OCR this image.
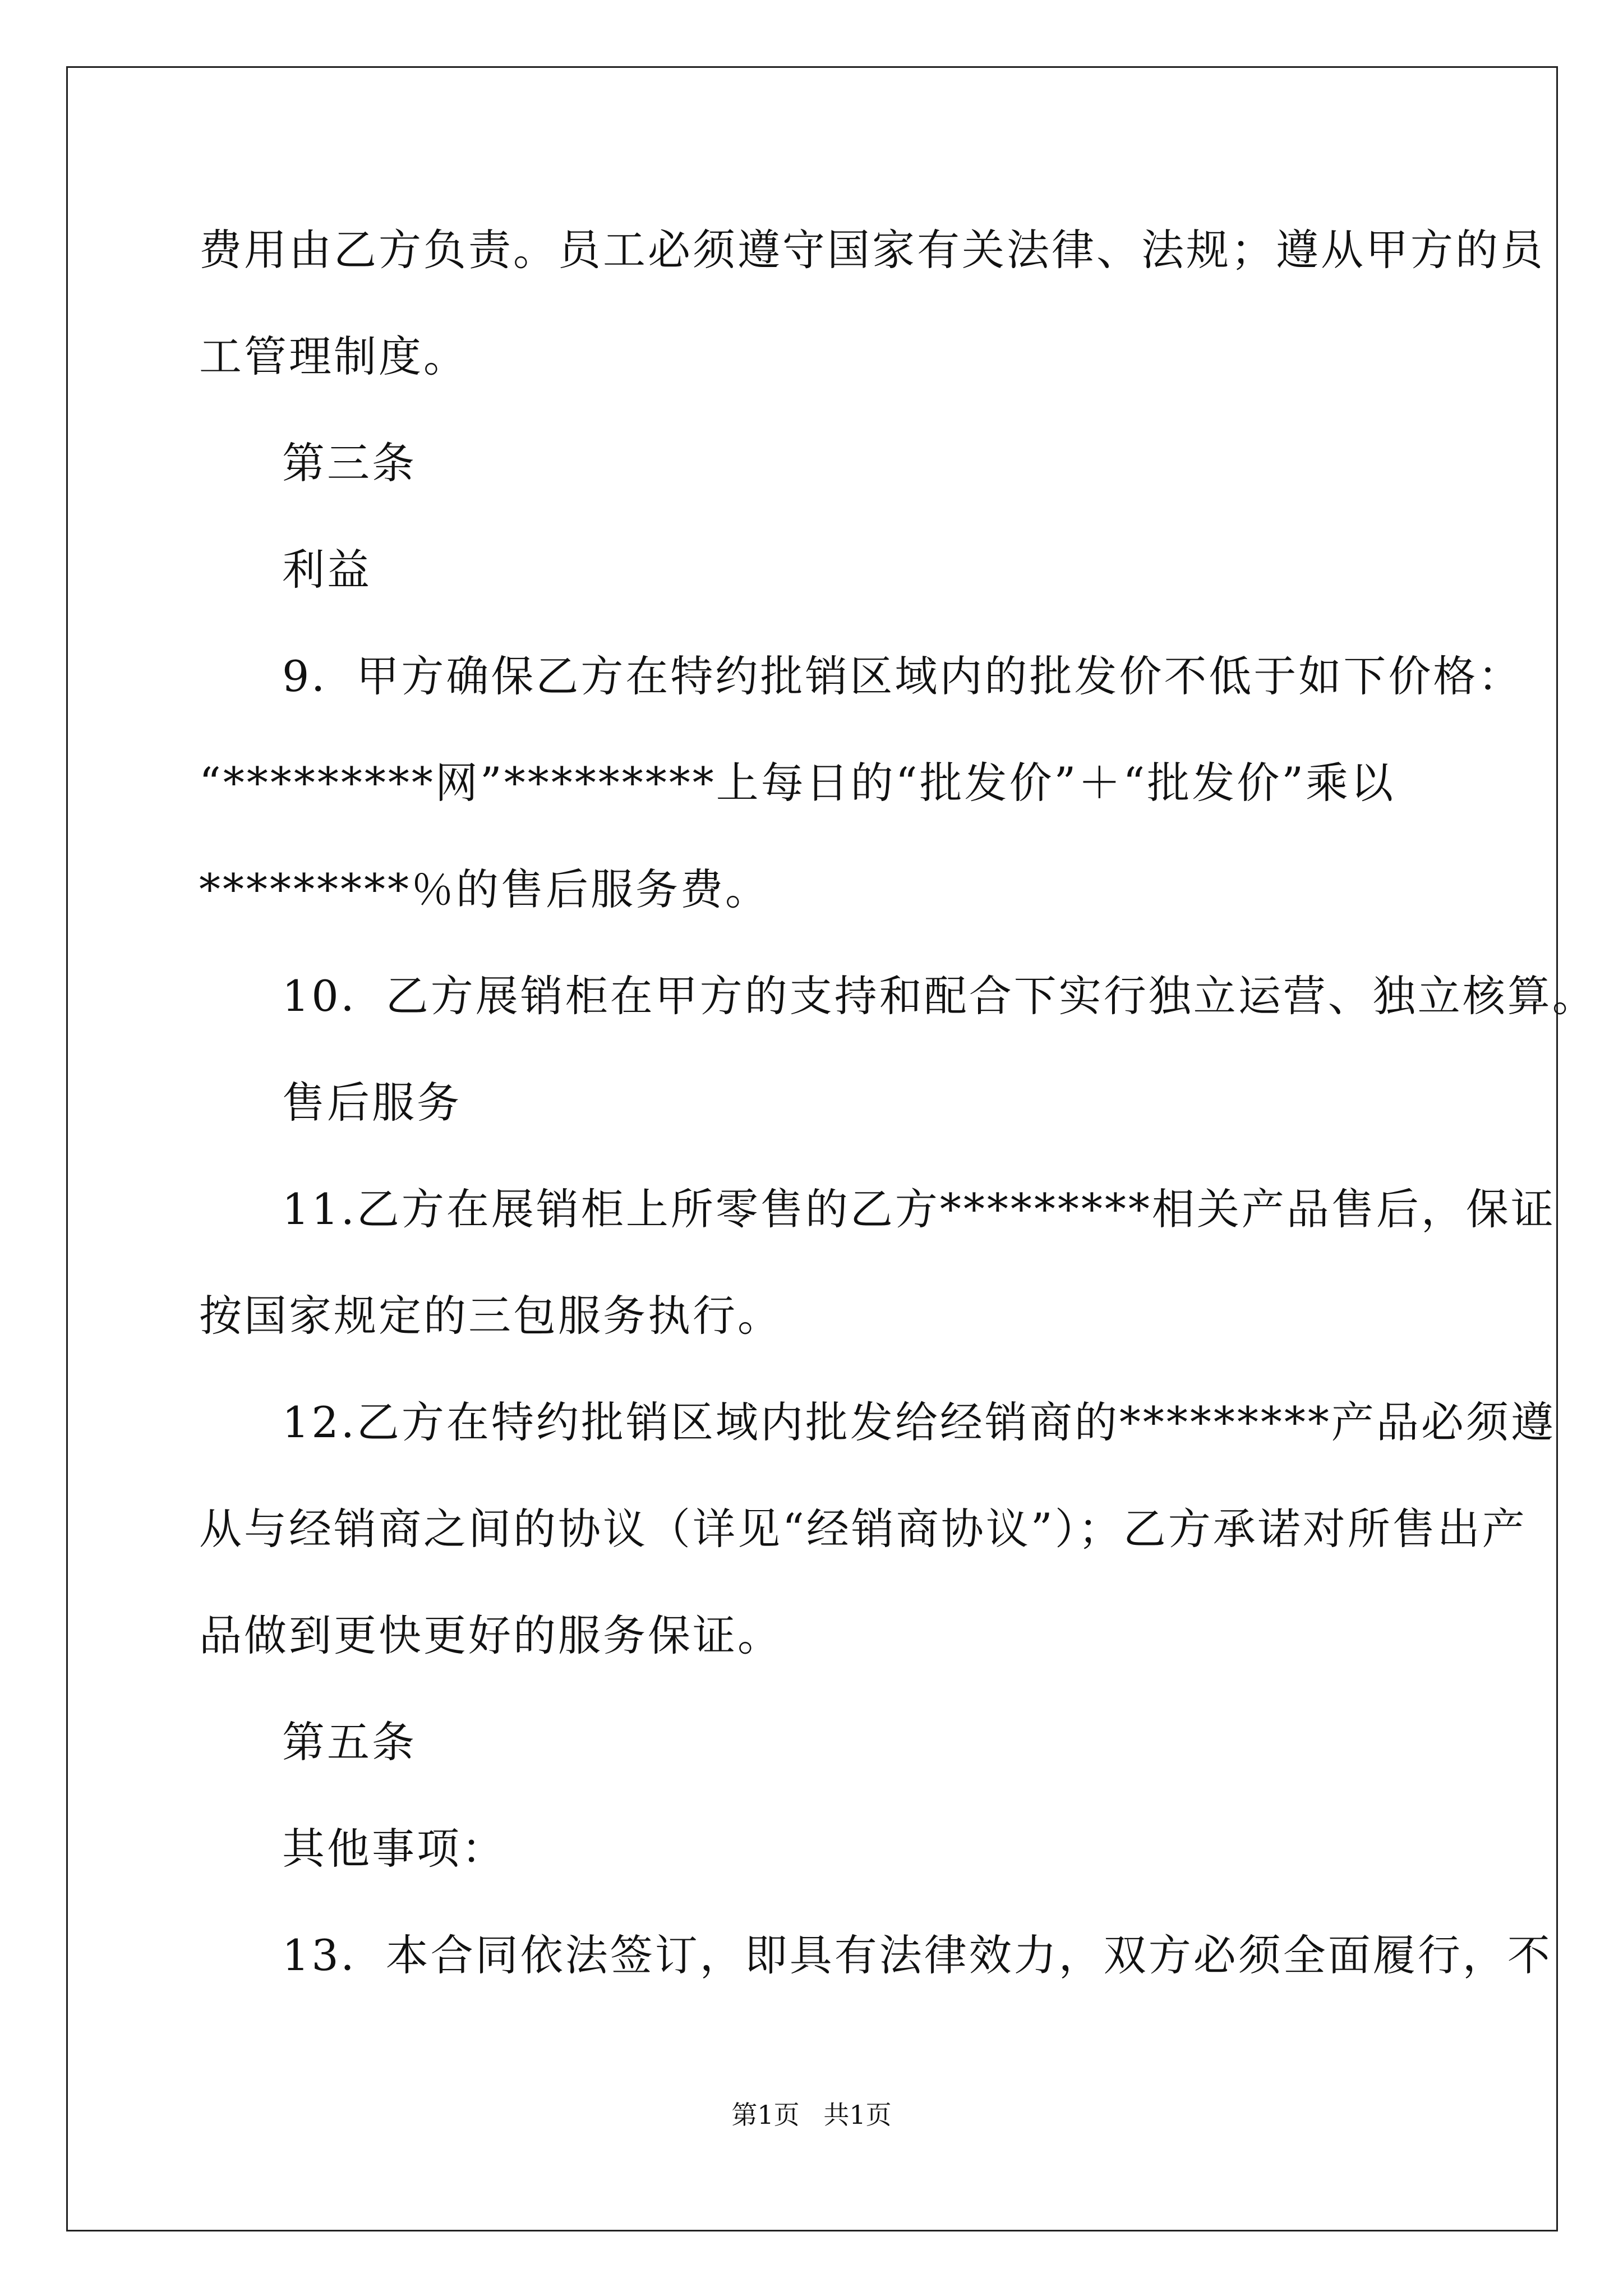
费用由乙方负责。员工必须遵守国家有关法律、法规；遵从甲方的员
工管理制度。
第三条
利益
9．甲方确保乙方在特约批销区域内的批发价不低于如下价格：
“*********网”*********上每日的“批发价”＋“批发价”乘以
*********％的售后服务费。
10．乙方展销柜在甲方的支持和配合下实行独立运营、独立核算。
售后服务
11.乙方在展销柜上所零售的乙方*********相关产品售后，保证
按国家规定的三包服务执行。
12.乙方在特约批销区域内批发给经销商的*********产品必须遵
从与经销商之间的协议（详见“经销商协议”）；乙方承诺对所售出产
品做到更快更好的服务保证。
第五条
其他事项：
13．本合同依法签订，即具有法律效力，双方必须全面履行，不
第1页 共1页
